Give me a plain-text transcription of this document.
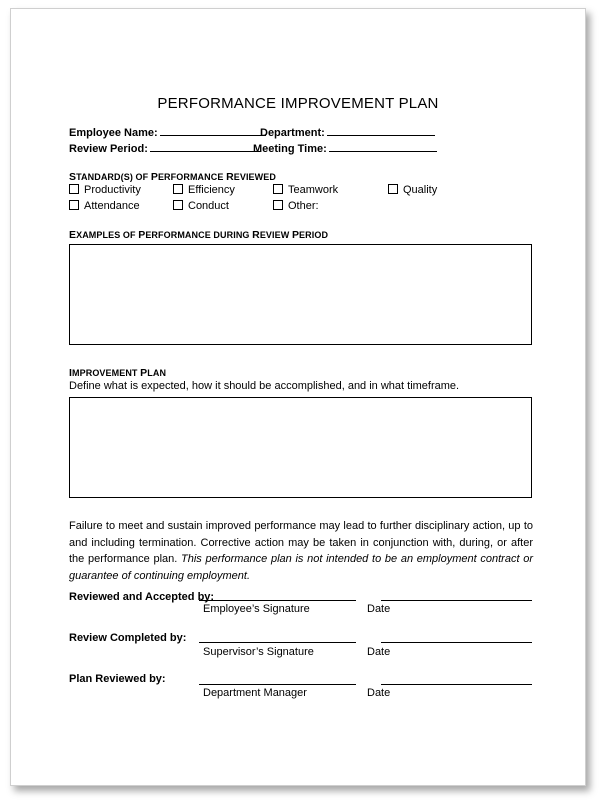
PERFORMANCE IMPROVEMENT PLAN
Employee Name:	Department:
Review Period:	Meeting Time:
STANDARD(S) OF PERFORMANCE REVIEWED
Productivity	Efficiency	Teamwork	Quality
Attendance	Conduct	Other:
EXAMPLES OF PERFORMANCE DURING REVIEW PERIOD
IMPROVEMENT PLAN
Define what is expected, how it should be accomplished, and in what timeframe.
Failure to meet and sustain improved performance may lead to further disciplinary action, up to and including termination. Corrective action may be taken in conjunction with, during, or after the performance plan. This performance plan is not intended to be an employment contract or guarantee of continuing employment.
Reviewed and Accepted by:
Employee’s Signature	Date
Review Completed by:
Supervisor’s Signature	Date
Plan Reviewed by:
Department Manager	Date
